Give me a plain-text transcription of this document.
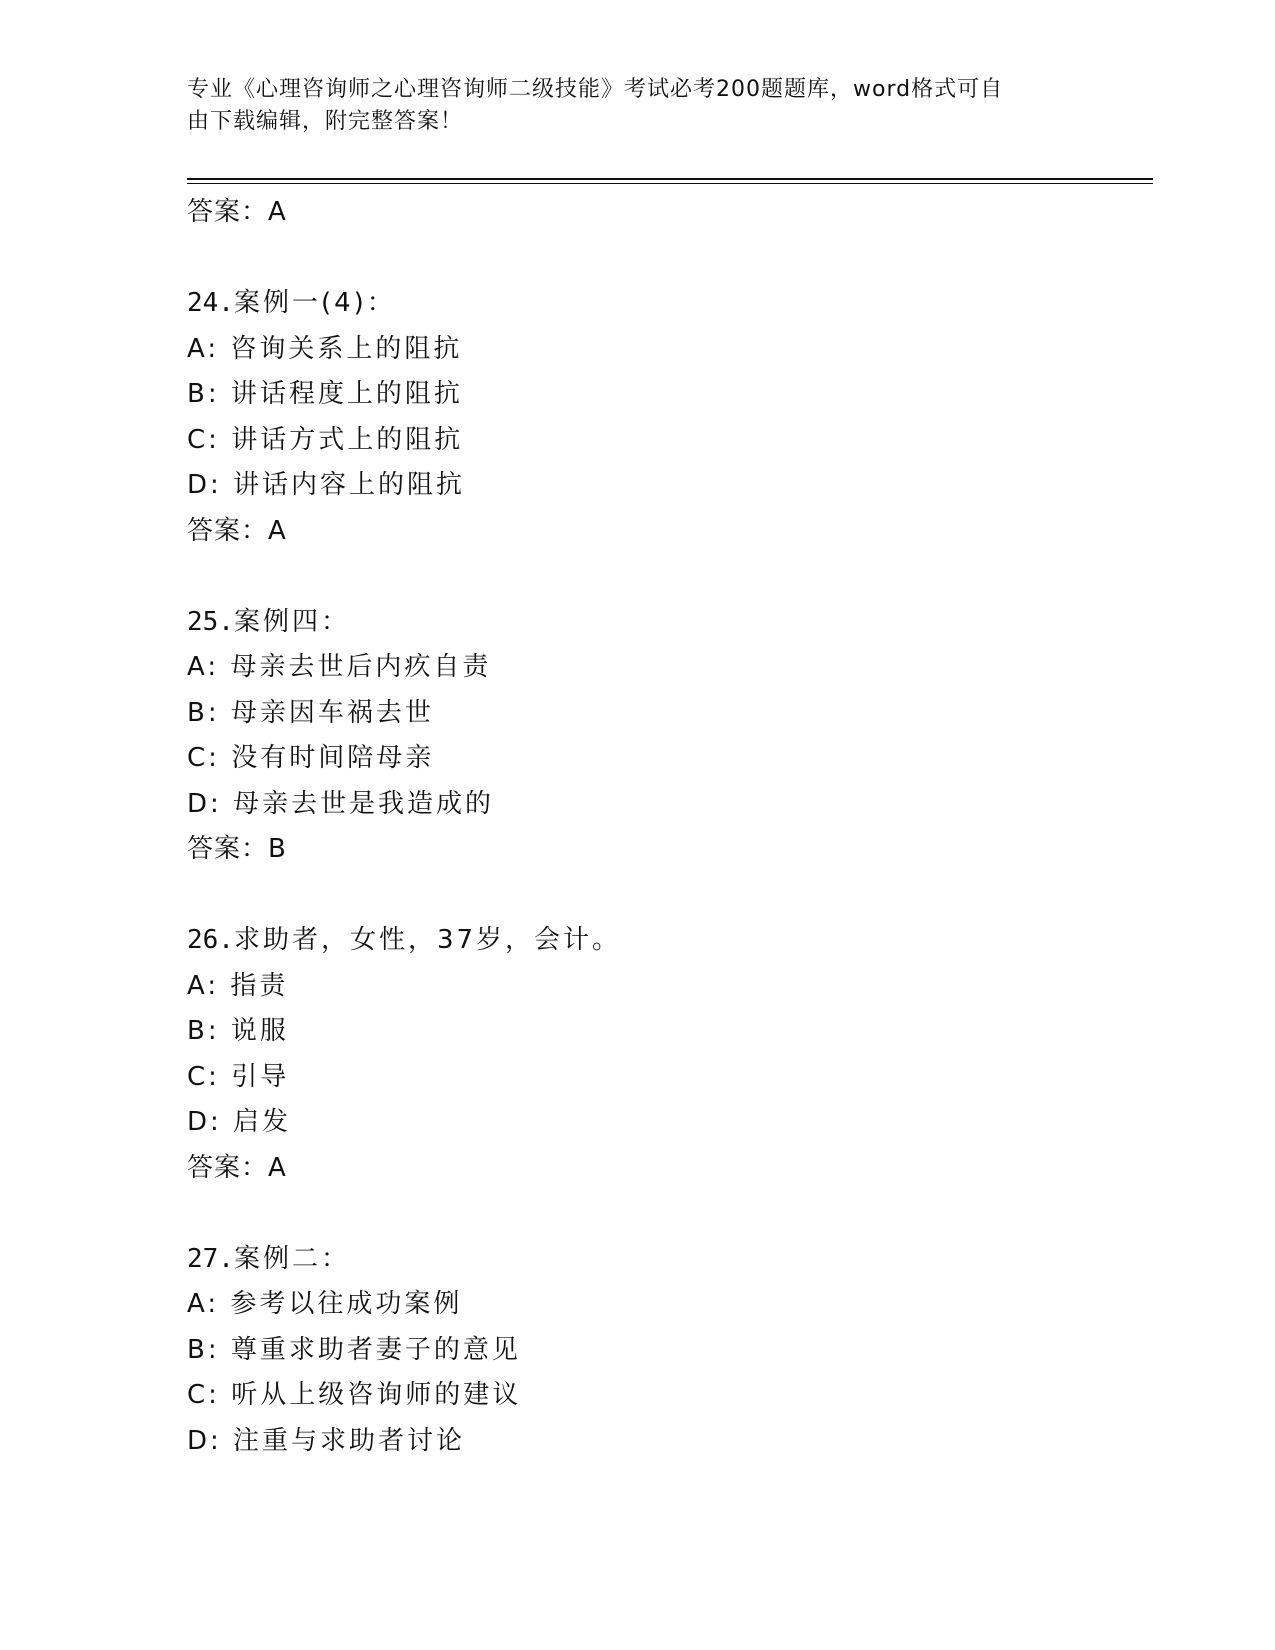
专业《心理咨询师之心理咨询师二级技能》考试必考200题题库，word格式可自
由下载编辑，附完整答案！
答案：A
24.案例一(4)：
A: 咨询关系上的阻抗
B: 讲话程度上的阻抗
C: 讲话方式上的阻抗
D: 讲话内容上的阻抗
答案：A
25.案例四：
A: 母亲去世后内疚自责
B: 母亲因车祸去世
C: 没有时间陪母亲
D: 母亲去世是我造成的
答案：B
26.求助者，女性，37岁，会计。
A: 指责
B: 说服
C: 引导
D: 启发
答案：A
27.案例二：
A: 参考以往成功案例
B: 尊重求助者妻子的意见
C: 听从上级咨询师的建议
D: 注重与求助者讨论
